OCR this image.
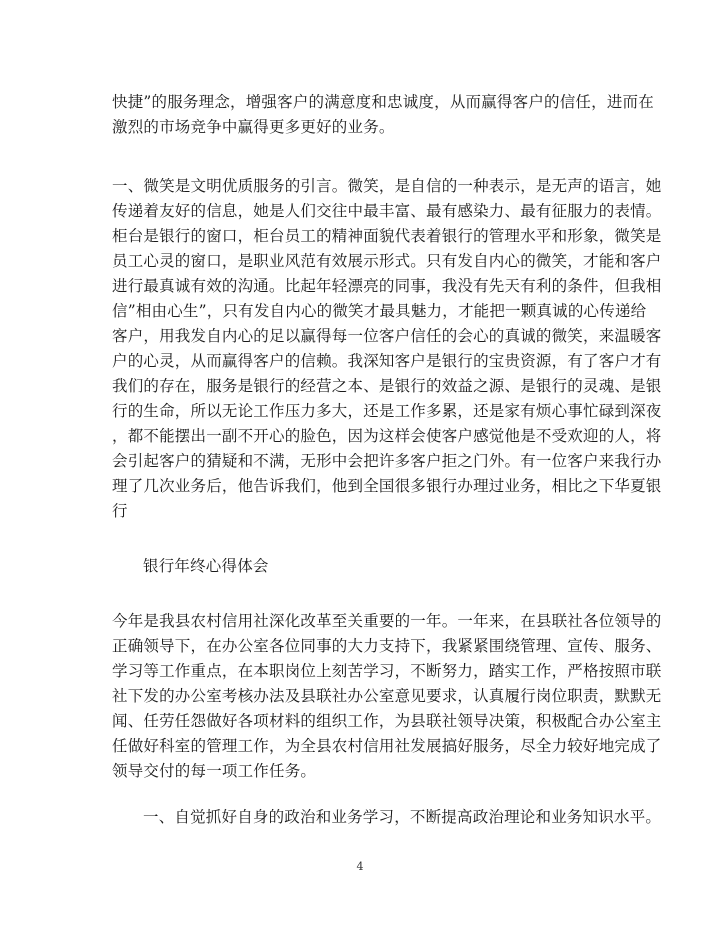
快捷”的服务理念，增强客户的满意度和忠诚度，从而赢得客户的信任，进而在
激烈的市场竞争中赢得更多更好的业务。
一、微笑是文明优质服务的引言。微笑，是自信的一种表示，是无声的语言，她
传递着友好的信息，她是人们交往中最丰富、最有感染力、最有征服力的表情。
柜台是银行的窗口，柜台员工的精神面貌代表着银行的管理水平和形象，微笑是
员工心灵的窗口，是职业风范有效展示形式。只有发自内心的微笑，才能和客户
进行最真诚有效的沟通。比起年轻漂亮的同事，我没有先天有利的条件，但我相
信”相由心生”，只有发自内心的微笑才最具魅力，才能把一颗真诚的心传递给
客户，用我发自内心的足以赢得每一位客户信任的会心的真诚的微笑，来温暖客
户的心灵，从而赢得客户的信赖。我深知客户是银行的宝贵资源，有了客户才有
我们的存在，服务是银行的经营之本、是银行的效益之源、是银行的灵魂、是银
行的生命，所以无论工作压力多大，还是工作多累，还是家有烦心事忙碌到深夜
，都不能摆出一副不开心的脸色，因为这样会使客户感觉他是不受欢迎的人，将
会引起客户的猜疑和不满，无形中会把许多客户拒之门外。有一位客户来我行办
理了几次业务后，他告诉我们，他到全国很多银行办理过业务，相比之下华夏银
行
银行年终心得体会
今年是我县农村信用社深化改革至关重要的一年。一年来，在县联社各位领导的
正确领导下，在办公室各位同事的大力支持下，我紧紧围绕管理、宣传、服务、
学习等工作重点，在本职岗位上刻苦学习，不断努力，踏实工作，严格按照市联
社下发的办公室考核办法及县联社办公室意见要求，认真履行岗位职责，默默无
闻、任劳任怨做好各项材料的组织工作，为县联社领导决策，积极配合办公室主
任做好科室的管理工作，为全县农村信用社发展搞好服务，尽全力较好地完成了
领导交付的每一项工作任务。
一、自觉抓好自身的政治和业务学习，不断提高政治理论和业务知识水平。
4
